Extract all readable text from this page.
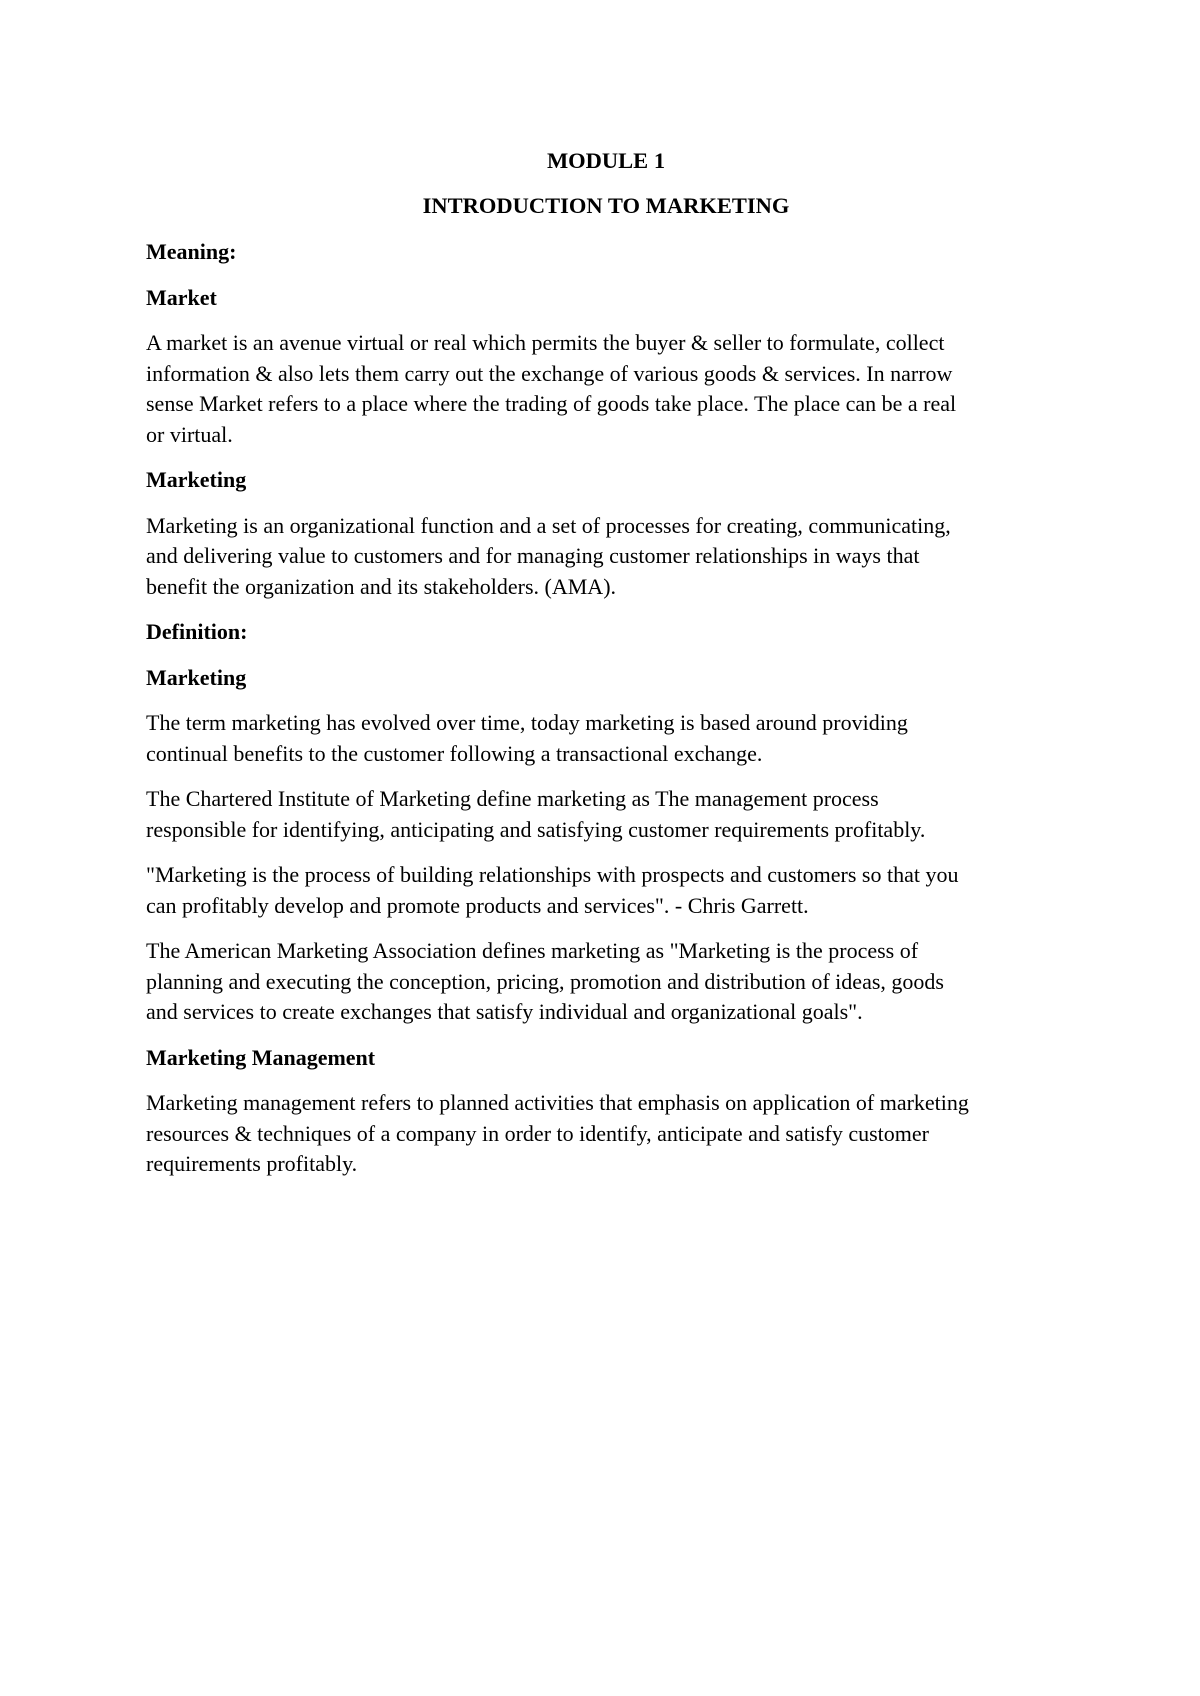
MODULE 1
INTRODUCTION TO MARKETING
Meaning:
Market
A market is an avenue virtual or real which permits the buyer & seller to formulate, collect
information & also lets them carry out the exchange of various goods & services. In narrow
sense Market refers to a place where the trading of goods take place. The place can be a real
or virtual.
Marketing
Marketing is an organizational function and a set of processes for creating, communicating,
and delivering value to customers and for managing customer relationships in ways that
benefit the organization and its stakeholders. (AMA).
Definition:
Marketing
The term marketing has evolved over time, today marketing is based around providing
continual benefits to the customer following a transactional exchange.
The Chartered Institute of Marketing define marketing as The management process
responsible for identifying, anticipating and satisfying customer requirements profitably.
"Marketing is the process of building relationships with prospects and customers so that you
can profitably develop and promote products and services". - Chris Garrett.
The American Marketing Association defines marketing as "Marketing is the process of
planning and executing the conception, pricing, promotion and distribution of ideas, goods
and services to create exchanges that satisfy individual and organizational goals".
Marketing Management
Marketing management refers to planned activities that emphasis on application of marketing
resources & techniques of a company in order to identify, anticipate and satisfy customer
requirements profitably.
